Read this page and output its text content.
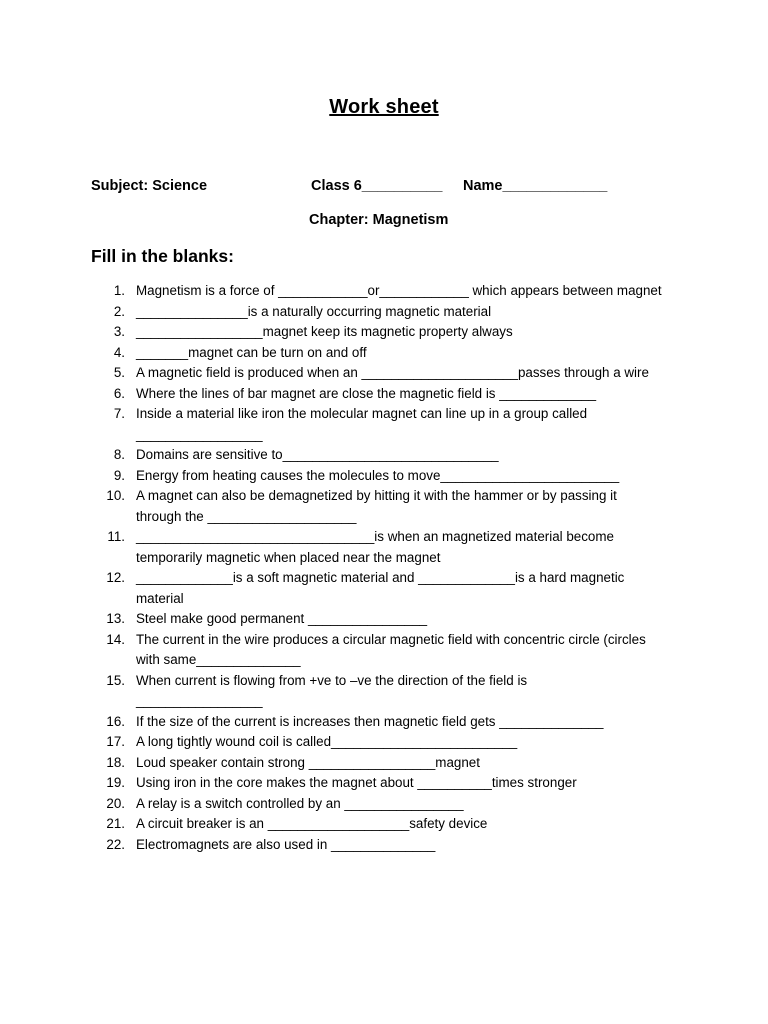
Work sheet
Subject: Science	Class 6__________ Name_____________
Chapter: Magnetism
Fill in the blanks:
1. Magnetism is a force of ____________or____________ which appears between magnet
2. _______________is a naturally occurring magnetic material
3. _________________magnet keep its magnetic property always
4. _______magnet can be turn on and off
5. A magnetic field is produced when an _____________________passes through a wire
6. Where the lines of bar magnet are close the magnetic field is _____________
7. Inside a material like iron the molecular magnet can line up in a group called
_________________
8. Domains are sensitive to_____________________________
9. Energy from heating causes the molecules to move________________________
10. A magnet can also be demagnetized by hitting it with the hammer or by passing it
through the ____________________
11. ________________________________is when an magnetized material become
temporarily magnetic when placed near the magnet
12. _____________is a soft magnetic material and _____________is a hard magnetic
material
13. Steel make good permanent ________________
14. The current in the wire produces a circular magnetic field with concentric circle (circles
with same______________
15. When current is flowing from +ve to –ve the direction of the field is
_________________
16. If the size of the current is increases then magnetic field gets ______________
17. A long tightly wound coil is called_________________________
18. Loud speaker contain strong _________________magnet
19. Using iron in the core makes the magnet about __________times stronger
20. A relay is a switch controlled by an ________________
21. A circuit breaker is an ___________________safety device
22. Electromagnets are also used in ______________
